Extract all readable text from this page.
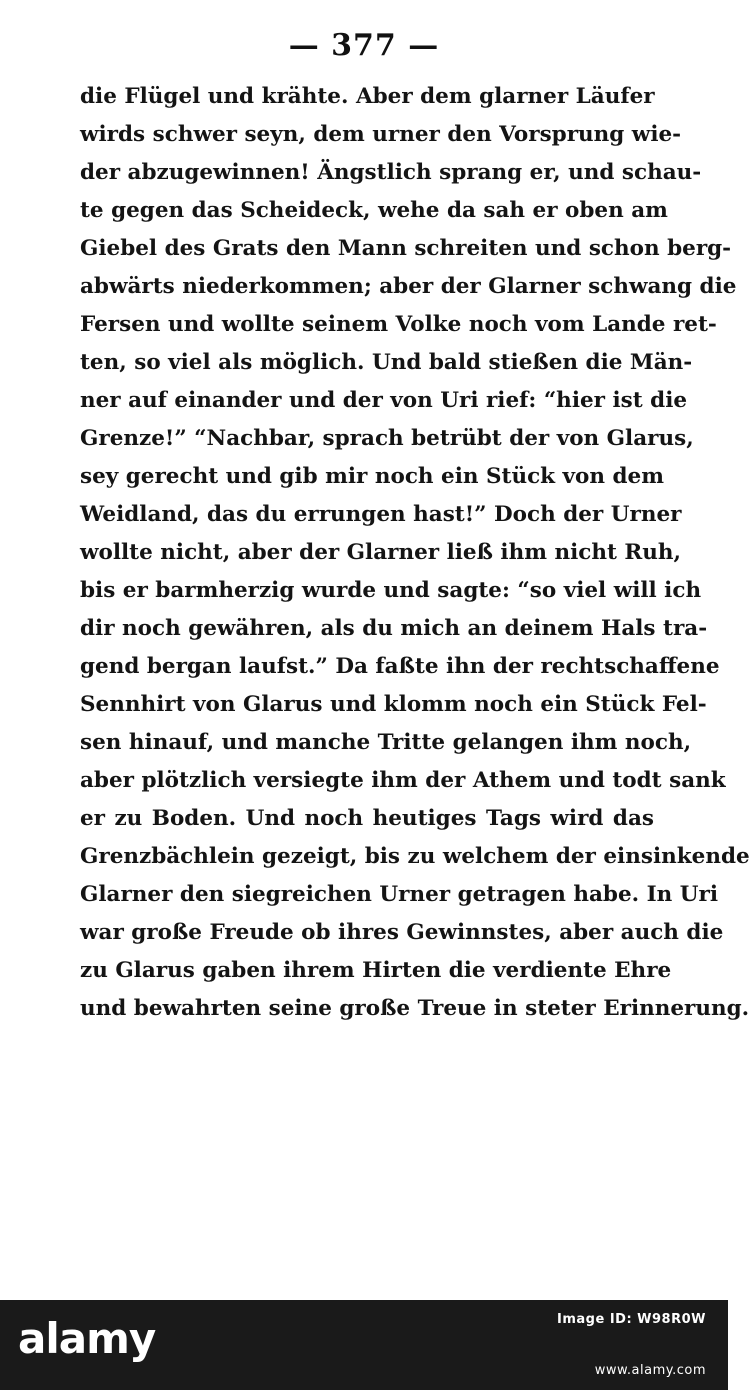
— 377 —
die Flügel und krähte. Aber dem glarner Läufer
wirds schwer seyn, dem urner den Vorsprung wie-
der abzugewinnen! Ängstlich sprang er, und schau-
te gegen das Scheideck, wehe da sah er oben am
Giebel des Grats den Mann schreiten und schon berg-
abwärts niederkommen; aber der Glarner schwang die
Fersen und wollte seinem Volke noch vom Lande ret-
ten, so viel als möglich. Und bald stießen die Män-
ner auf einander und der von Uri rief: “hier ist die
Grenze!” “Nachbar, sprach betrübt der von Glarus,
sey gerecht und gib mir noch ein Stück von dem
Weidland, das du errungen hast!” Doch der Urner
wollte nicht, aber der Glarner ließ ihm nicht Ruh,
bis er barmherzig wurde und sagte: “so viel will ich
dir noch gewähren, als du mich an deinem Hals tra-
gend bergan laufst.” Da faßte ihn der rechtschaffene
Sennhirt von Glarus und klomm noch ein Stück Fel-
sen hinauf, und manche Tritte gelangen ihm noch,
aber plötzlich versiegte ihm der Athem und todt sank
er zu Boden. Und noch heutiges Tags wird das
Grenzbächlein gezeigt, bis zu welchem der einsinkende
Glarner den siegreichen Urner getragen habe. In Uri
war große Freude ob ihres Gewinnstes, aber auch die
zu Glarus gaben ihrem Hirten die verdiente Ehre
und bewahrten seine große Treue in steter Erinnerung.
alamy	Image ID: W98R0W
www.alamy.com
